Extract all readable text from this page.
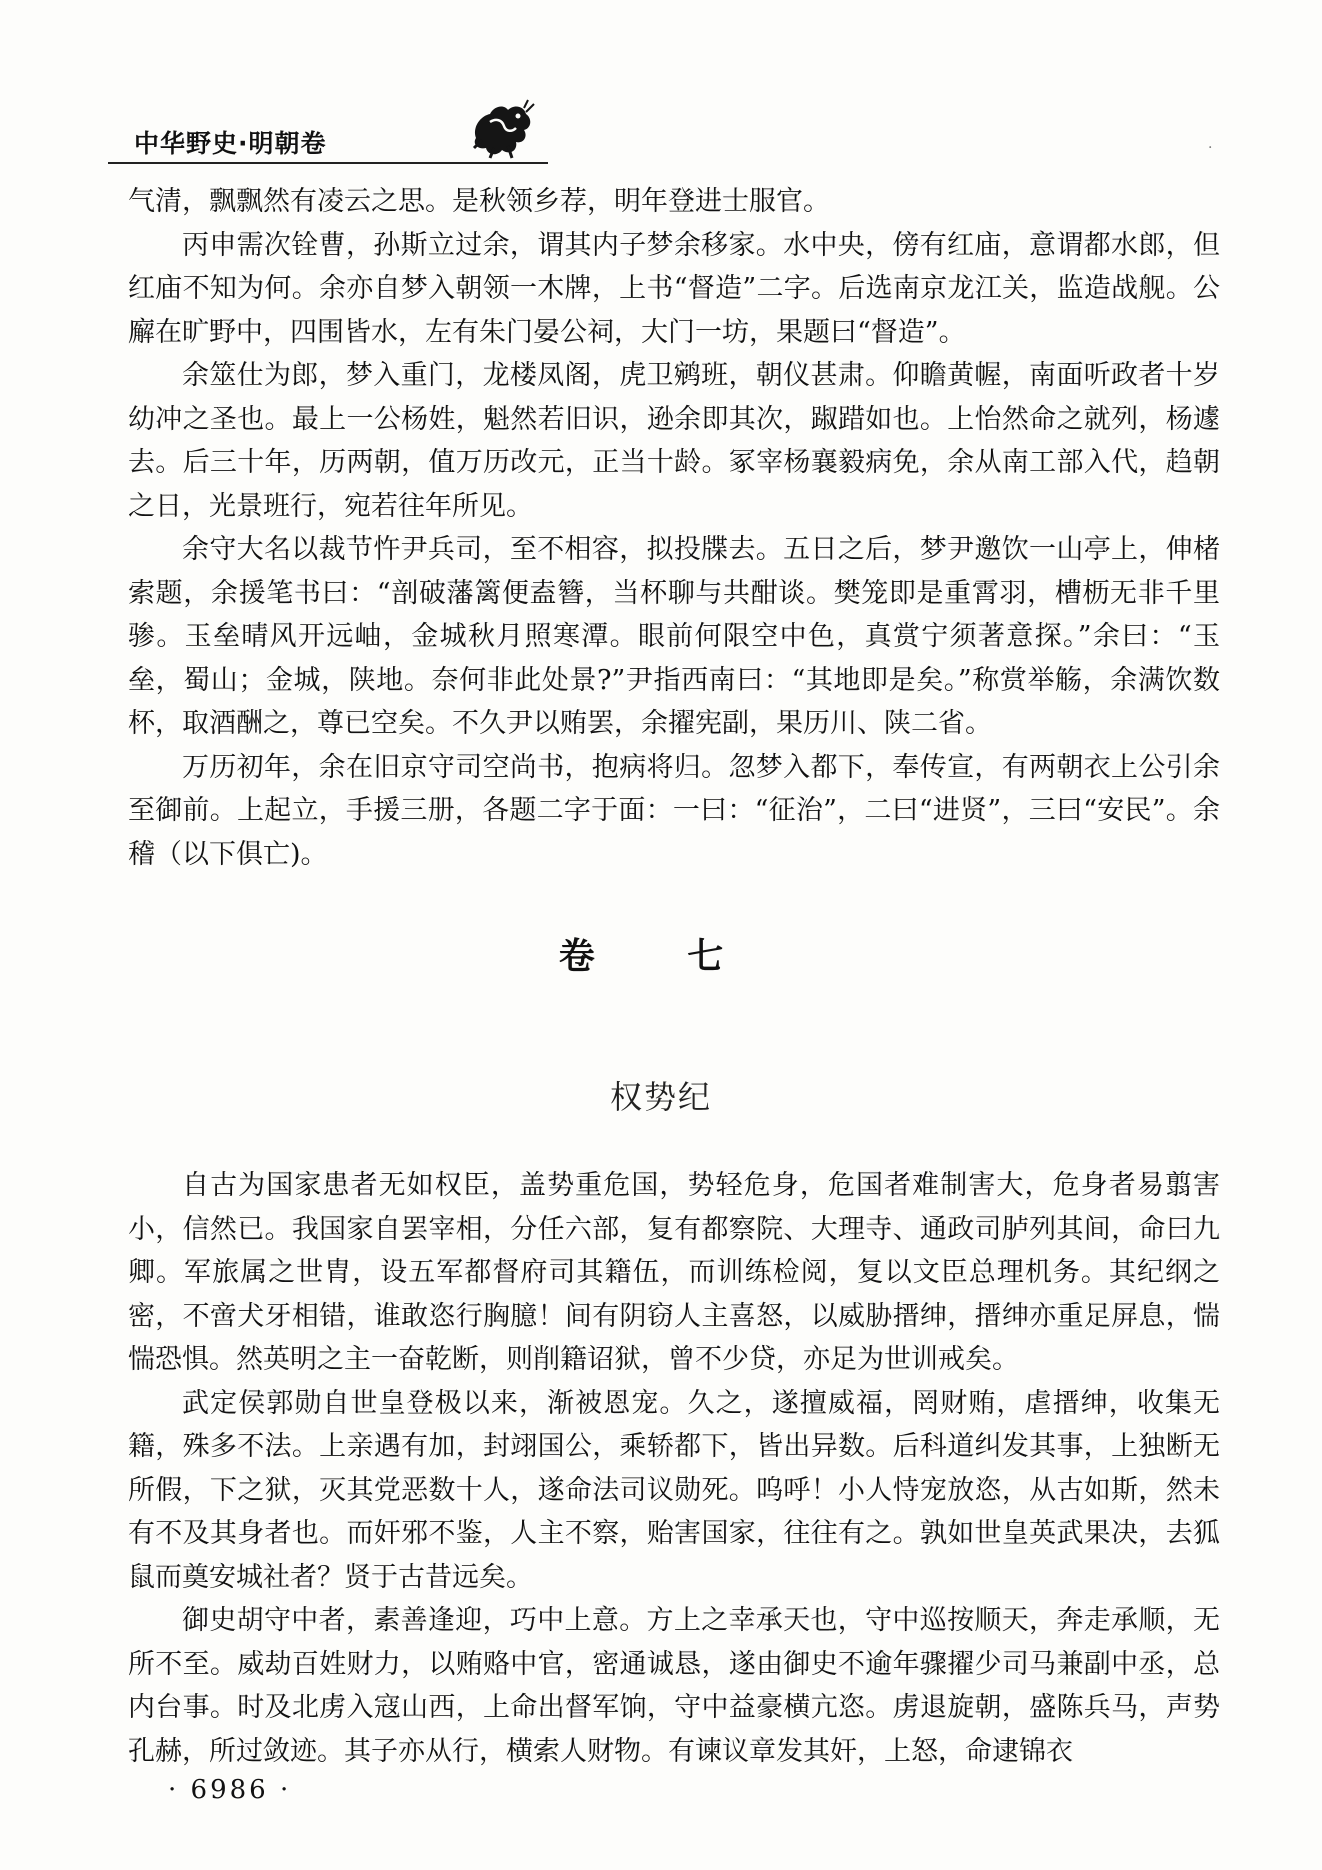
中华野史·明朝卷	·

气清，飘飘然有凌云之思。是秋领乡荐，明年登进士服官。

丙申需次铨曹，孙斯立过余，谓其内子梦余移家。水中央，傍有红庙，意谓都水郎，但红庙不知为何。余亦自梦入朝领一木牌，上书“督造”二字。后选南京龙江关，监造战舰。公廨在旷野中，四围皆水，左有朱门晏公祠，大门一坊，果题曰“督造”。

余筮仕为郎，梦入重门，龙楼凤阁，虎卫鹓班，朝仪甚肃。仰瞻黄幄，南面听政者十岁幼冲之圣也。最上一公杨姓，魁然若旧识，逊余即其次，踧踖如也。上怡然命之就列，杨遽去。后三十年，历两朝，值万历改元，正当十龄。冢宰杨襄毅病免，余从南工部入代，趋朝之日，光景班行，宛若往年所见。

余守大名以裁节忤尹兵司，至不相容，拟投牒去。五日之后，梦尹邀饮一山亭上，伸楮索题，余援笔书曰：“剖破藩篱便盍簪，当杯聊与共酣谈。樊笼即是重霄羽，槽枥无非千里骖。玉垒晴风开远岫，金城秋月照寒潭。眼前何限空中色，真赏宁须著意探。”余曰：“玉垒，蜀山；金城，陕地。奈何非此处景?”尹指西南曰：“其地即是矣。”称赏举觞，余满饮数杯，取酒酬之，尊已空矣。不久尹以贿罢，余擢宪副，果历川、陕二省。

万历初年，余在旧京守司空尚书，抱病将归。忽梦入都下，奉传宣，有两朝衣上公引余至御前。上起立，手援三册，各题二字于面：一曰：“征治”，二曰“进贤”，三曰“安民”。余稽（以下俱亡)。

卷 七
权势纪

自古为国家患者无如权臣，盖势重危国，势轻危身，危国者难制害大，危身者易翦害小，信然已。我国家自罢宰相，分任六部，复有都察院、大理寺、通政司胪列其间，命曰九卿。军旅属之世胄，设五军都督府司其籍伍，而训练检阅，复以文臣总理机务。其纪纲之密，不啻犬牙相错，谁敢恣行胸臆！间有阴窃人主喜怒，以威胁搢绅，搢绅亦重足屏息，惴惴恐惧。然英明之主一奋乾断，则削籍诏狱，曾不少贷，亦足为世训戒矣。

武定侯郭勋自世皇登极以来，渐被恩宠。久之，遂擅威福，罔财贿，虐搢绅，收集无籍，殊多不法。上亲遇有加，封翊国公，乘轿都下，皆出异数。后科道纠发其事，上独断无所假，下之狱，灭其党恶数十人，遂命法司议勋死。呜呼！小人恃宠放恣，从古如斯，然未有不及其身者也。而奸邪不鉴，人主不察，贻害国家，往往有之。孰如世皇英武果决，去狐鼠而奠安城社者？贤于古昔远矣。

御史胡守中者，素善逢迎，巧中上意。方上之幸承天也，守中巡按顺天，奔走承顺，无所不至。威劫百姓财力，以贿赂中官，密通诚恳，遂由御史不逾年骤擢少司马兼副中丞，总内台事。时及北虏入寇山西，上命出督军饷，守中益豪横亢恣。虏退旋朝，盛陈兵马，声势孔赫，所过敛迹。其子亦从行，横索人财物。有谏议章发其奸，上怒，命逮锦衣

· 6986 ·
